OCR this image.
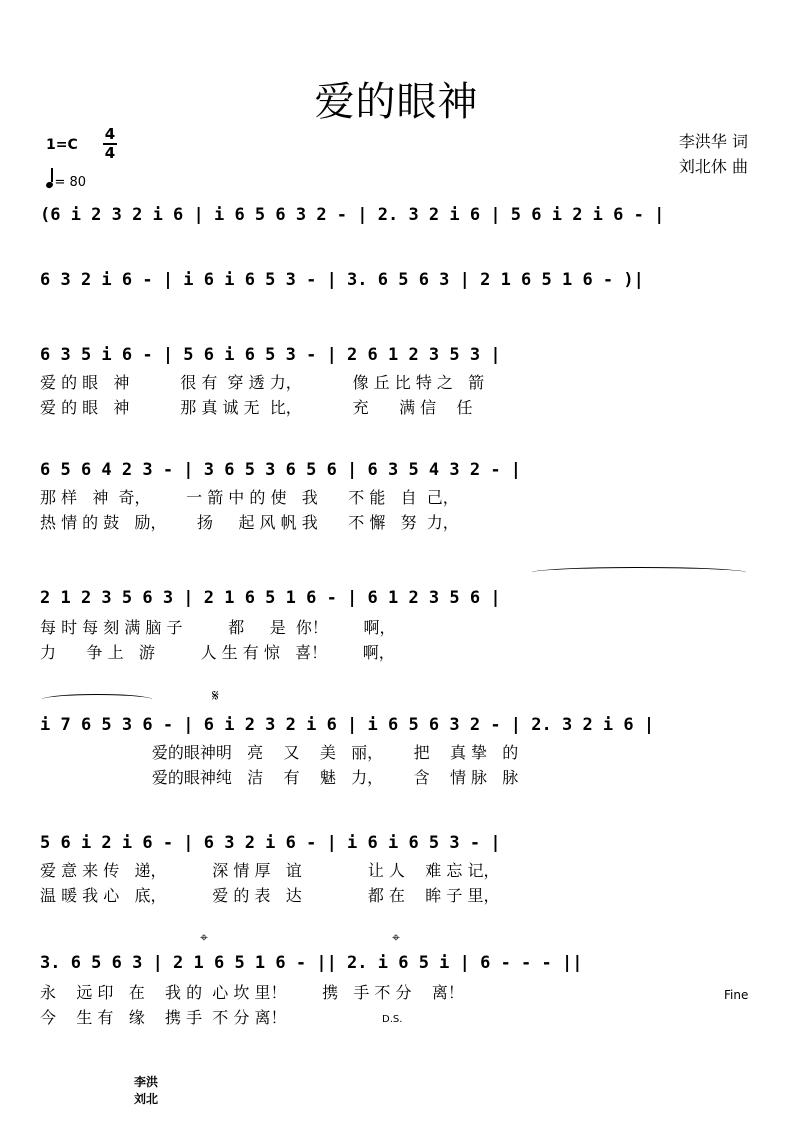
爱的眼神
1=C
4
4
= 80
李洪华 词
刘北休 曲
(6 i 2 3 2 i 6 | i 6 5 6 3 2 - | 2. 3 2 i 6 | 5 6 i 2 i 6 - |
6 3 2 i 6 - | i 6 i 6 5 3 - | 3. 6 5 6 3 | 2 1 6 5 1 6 - )|
6 3 5 i 6 - | 5 6 i 6 5 3 - | 2 6 1 2 3 5 3 |
爱 的 眼   神          很 有  穿 透 力，          像 丘 比 特 之   箭
爱 的 眼   神          那 真 诚 无  比，          充      满 信    任
6 5 6 4 2 3 - | 3 6 5 3 6 5 6 | 6 3 5 4 3 2 - |
那 样   神  奇，       一 箭 中 的 使   我      不 能   自  己，
热 情 的 鼓   励，      扬     起 风 帆 我      不 懈   努  力，
2 1 2 3 5 6 3 | 2 1 6 5 1 6 - | 6 1 2 3 5 6 |
每 时 每 刻 满 脑 子         都     是  你！       啊，
力      争 上   游         人 生 有 惊   喜！       啊，
𝄋
i 7 6 5 3 6 - | 6 i 2 3 2 i 6 | i 6 5 6 3 2 - | 2. 3 2 i 6 |
爱的眼神明   亮    又    美   丽，      把    真 挚   的
爱的眼神纯   洁    有    魅   力，      含    情 脉   脉
5 6 i 2 i 6 - | 6 3 2 i 6 - | i 6 i 6 5 3 - |
爱 意 来 传   递，         深 情 厚   谊             让 人    难 忘 记，
温 暖 我 心   底，         爱 的 表   达             都 在    眸 子 里，
⌖	⌖
3. 6 5 6 3 | 2 1 6 5 1 6 - || 2. i 6 5 i | 6 - - - ||
永    远 印   在    我 的  心 坎 里！       携   手 不 分    离！
今    生 有   缘    携 手  不 分 离！
Fine
D.S.
李洪
刘北
